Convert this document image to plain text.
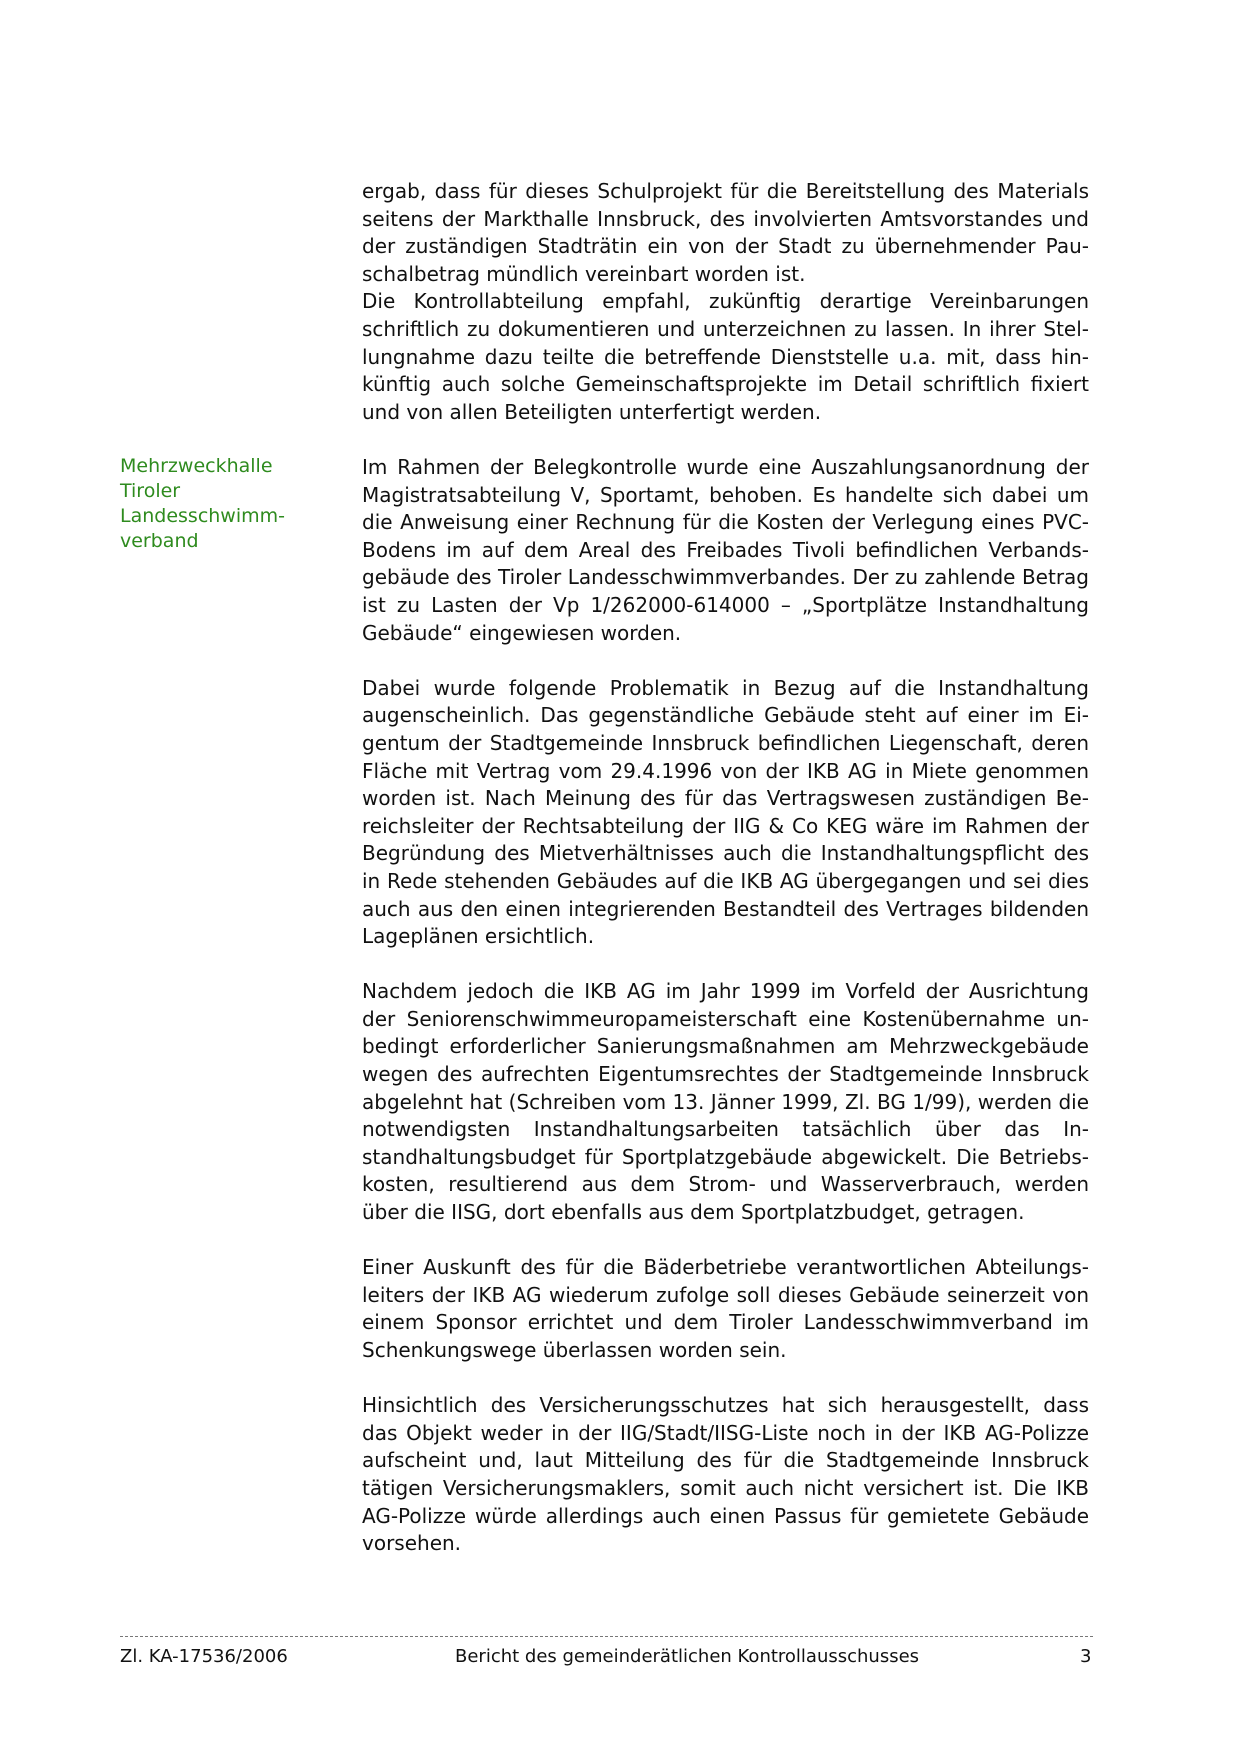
ergab, dass für dieses Schulprojekt für die Bereitstellung des Materials seitens der Markthalle Innsbruck, des involvierten Amtsvorstandes und der zuständigen Stadträtin ein von der Stadt zu übernehmender Pauschalbetrag mündlich vereinbart worden ist.

Die Kontrollabteilung empfahl, zukünftig derartige Vereinbarungen schriftlich zu dokumentieren und unterzeichnen zu lassen. In ihrer Stellungnahme dazu teilte die betreffende Dienststelle u.a. mit, dass hinkünftig auch solche Gemeinschaftsprojekte im Detail schriftlich fixiert und von allen Beteiligten unterfertigt werden.

Mehrzweckhalle
Tiroler Landesschwimm-
verband

Im Rahmen der Belegkontrolle wurde eine Auszahlungsanordnung der Magistratsabteilung V, Sportamt, behoben. Es handelte sich dabei um die Anweisung einer Rechnung für die Kosten der Verlegung eines PVC-Bodens im auf dem Areal des Freibades Tivoli befindlichen Verbandsgebäude des Tiroler Landesschwimmverbandes. Der zu zahlende Betrag ist zu Lasten der Vp 1/262000-614000 – „Sportplätze Instandhaltung Gebäude“ eingewiesen worden.

Dabei wurde folgende Problematik in Bezug auf die Instandhaltung augenscheinlich. Das gegenständliche Gebäude steht auf einer im Eigentum der Stadtgemeinde Innsbruck befindlichen Liegenschaft, deren Fläche mit Vertrag vom 29.4.1996 von der IKB AG in Miete genommen worden ist. Nach Meinung des für das Vertragswesen zuständigen Bereichsleiter der Rechtsabteilung der IIG & Co KEG wäre im Rahmen der Begründung des Mietverhältnisses auch die Instandhaltungspflicht des in Rede stehenden Gebäudes auf die IKB AG übergegangen und sei dies auch aus den einen integrierenden Bestandteil des Vertrages bildenden Lageplänen ersichtlich.

Nachdem jedoch die IKB AG im Jahr 1999 im Vorfeld der Ausrichtung der Seniorenschwimmeuropameisterschaft eine Kostenübernahme unbedingt erforderlicher Sanierungsmaßnahmen am Mehrzweckgebäude wegen des aufrechten Eigentumsrechtes der Stadtgemeinde Innsbruck abgelehnt hat (Schreiben vom 13. Jänner 1999, Zl. BG 1/99), werden die notwendigsten Instandhaltungsarbeiten tatsächlich über das Instandhaltungsbudget für Sportplatzgebäude abgewickelt. Die Betriebskosten, resultierend aus dem Strom- und Wasserverbrauch, werden über die IISG, dort ebenfalls aus dem Sportplatzbudget, getragen.

Einer Auskunft des für die Bäderbetriebe verantwortlichen Abteilungsleiters der IKB AG wiederum zufolge soll dieses Gebäude seinerzeit von einem Sponsor errichtet und dem Tiroler Landesschwimmverband im Schenkungswege überlassen worden sein.

Hinsichtlich des Versicherungsschutzes hat sich herausgestellt, dass das Objekt weder in der IIG/Stadt/IISG-Liste noch in der IKB AG-Polizze aufscheint und, laut Mitteilung des für die Stadtgemeinde Innsbruck tätigen Versicherungsmaklers, somit auch nicht versichert ist. Die IKB AG-Polizze würde allerdings auch einen Passus für gemietete Gebäude vorsehen.

Zl. KA-17536/2006	Bericht des gemeinderätlichen Kontrollausschusses	3
